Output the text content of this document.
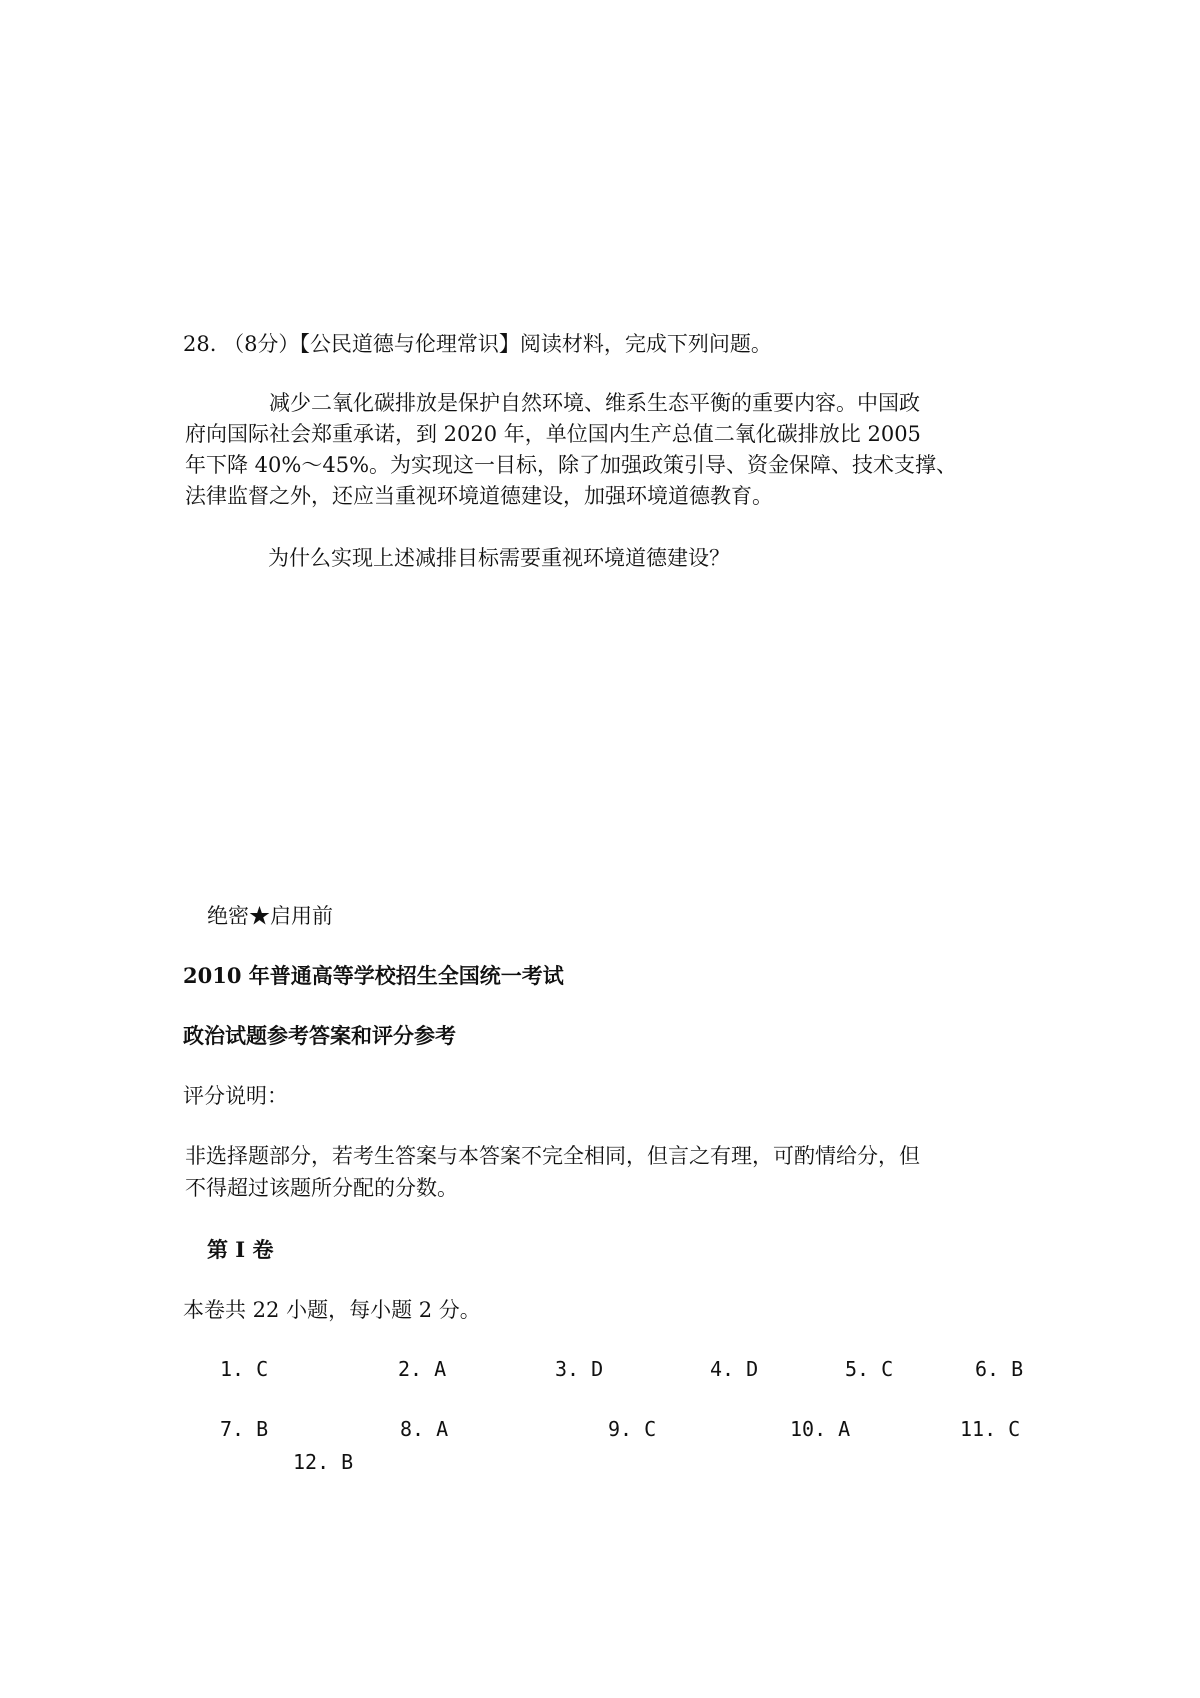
28. （8分）【公民道德与伦理常识】阅读材料，完成下列问题。
减少二氧化碳排放是保护自然环境、维系生态平衡的重要内容。中国政
府向国际社会郑重承诺，到 2020 年，单位国内生产总值二氧化碳排放比 2005
年下降 40%～45%。为实现这一目标，除了加强政策引导、资金保障、技术支撑、
法律监督之外，还应当重视环境道德建设，加强环境道德教育。
为什么实现上述减排目标需要重视环境道德建设？
绝密★启用前
2010 年普通高等学校招生全国统一考试
政治试题参考答案和评分参考
评分说明：
非选择题部分，若考生答案与本答案不完全相同，但言之有理，可酌情给分，但
不得超过该题所分配的分数。
第 I 卷
本卷共 22 小题，每小题 2 分。
1. C	2. A	3. D	4. D	5. C	6. B
7. B	8. A	9. C	10. A	11. C
12. B
